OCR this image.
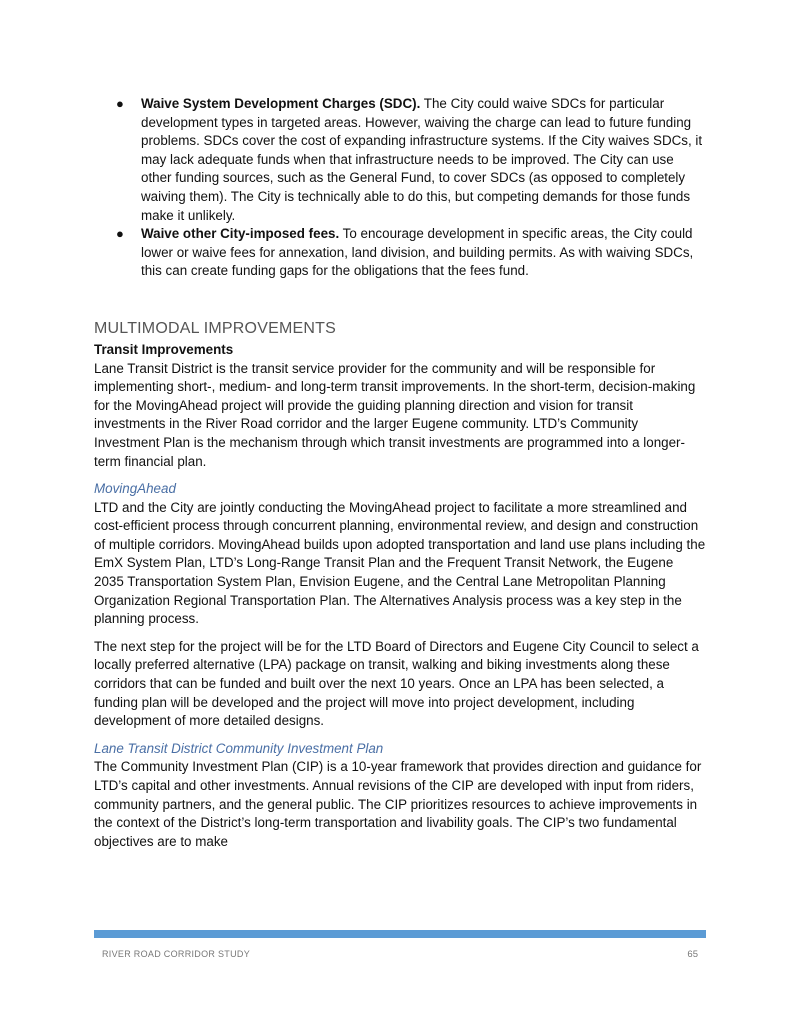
● Waive System Development Charges (SDC). The City could waive SDCs for particular development types in targeted areas. However, waiving the charge can lead to future funding problems. SDCs cover the cost of expanding infrastructure systems. If the City waives SDCs, it may lack adequate funds when that infrastructure needs to be improved. The City can use other funding sources, such as the General Fund, to cover SDCs (as opposed to completely waiving them). The City is technically able to do this, but competing demands for those funds make it unlikely.
● Waive other City-imposed fees. To encourage development in specific areas, the City could lower or waive fees for annexation, land division, and building permits. As with waiving SDCs, this can create funding gaps for the obligations that the fees fund.
MULTIMODAL IMPROVEMENTS
Transit Improvements

Lane Transit District is the transit service provider for the community and will be responsible for implementing short-, medium- and long-term transit improvements. In the short-term, decision-making for the MovingAhead project will provide the guiding planning direction and vision for transit investments in the River Road corridor and the larger Eugene community. LTD’s Community Investment Plan is the mechanism through which transit investments are programmed into a longer-term financial plan.

MovingAhead

LTD and the City are jointly conducting the MovingAhead project to facilitate a more streamlined and cost-efficient process through concurrent planning, environmental review, and design and construction of multiple corridors. MovingAhead builds upon adopted transportation and land use plans including the EmX System Plan, LTD’s Long-Range Transit Plan and the Frequent Transit Network, the Eugene 2035 Transportation System Plan, Envision Eugene, and the Central Lane Metropolitan Planning Organization Regional Transportation Plan. The Alternatives Analysis process was a key step in the planning process.

The next step for the project will be for the LTD Board of Directors and Eugene City Council to select a locally preferred alternative (LPA) package on transit, walking and biking investments along these corridors that can be funded and built over the next 10 years. Once an LPA has been selected, a funding plan will be developed and the project will move into project development, including development of more detailed designs.

Lane Transit District Community Investment Plan

The Community Investment Plan (CIP) is a 10-year framework that provides direction and guidance for LTD’s capital and other investments. Annual revisions of the CIP are developed with input from riders, community partners, and the general public. The CIP prioritizes resources to achieve improvements in the context of the District’s long-term transportation and livability goals. The CIP’s two fundamental objectives are to make

RIVER ROAD CORRIDOR STUDY	65
